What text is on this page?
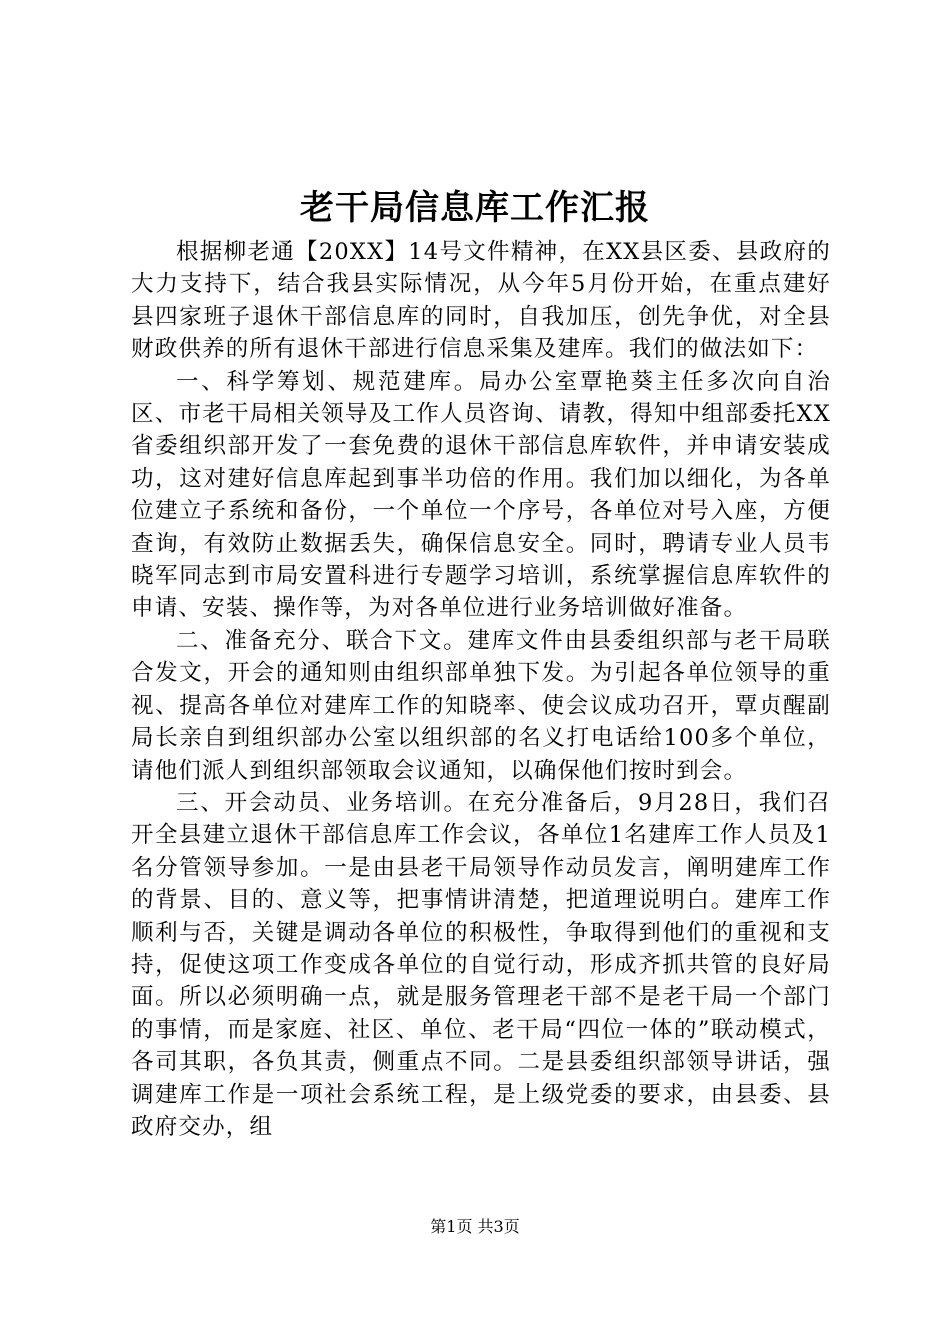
老干局信息库工作汇报

根据柳老通【20XX】14号文件精神，在XX县区委、县政府的大力支持下，结合我县实际情况，从今年5月份开始，在重点建好县四家班子退休干部信息库的同时，自我加压，创先争优，对全县财政供养的所有退休干部进行信息采集及建库。我们的做法如下：

一、科学筹划、规范建库。局办公室覃艳葵主任多次向自治区、市老干局相关领导及工作人员咨询、请教，得知中组部委托XX省委组织部开发了一套免费的退休干部信息库软件，并申请安装成功，这对建好信息库起到事半功倍的作用。我们加以细化，为各单位建立子系统和备份，一个单位一个序号，各单位对号入座，方便查询，有效防止数据丢失，确保信息安全。同时，聘请专业人员韦晓军同志到市局安置科进行专题学习培训，系统掌握信息库软件的申请、安装、操作等，为对各单位进行业务培训做好准备。

二、准备充分、联合下文。建库文件由县委组织部与老干局联合发文，开会的通知则由组织部单独下发。为引起各单位领导的重视、提高各单位对建库工作的知晓率、使会议成功召开，覃贞醒副局长亲自到组织部办公室以组织部的名义打电话给100多个单位，请他们派人到组织部领取会议通知，以确保他们按时到会。

三、开会动员、业务培训。在充分准备后，9月28日，我们召开全县建立退休干部信息库工作会议，各单位1名建库工作人员及1名分管领导参加。一是由县老干局领导作动员发言，阐明建库工作的背景、目的、意义等，把事情讲清楚，把道理说明白。建库工作顺利与否，关键是调动各单位的积极性，争取得到他们的重视和支持，促使这项工作变成各单位的自觉行动，形成齐抓共管的良好局面。所以必须明确一点，就是服务管理老干部不是老干局一个部门的事情，而是家庭、社区、单位、老干局“四位一体的”联动模式，各司其职，各负其责，侧重点不同。二是县委组织部领导讲话，强调建库工作是一项社会系统工程，是上级党委的要求，由县委、县政府交办，组

第1页 共3页
